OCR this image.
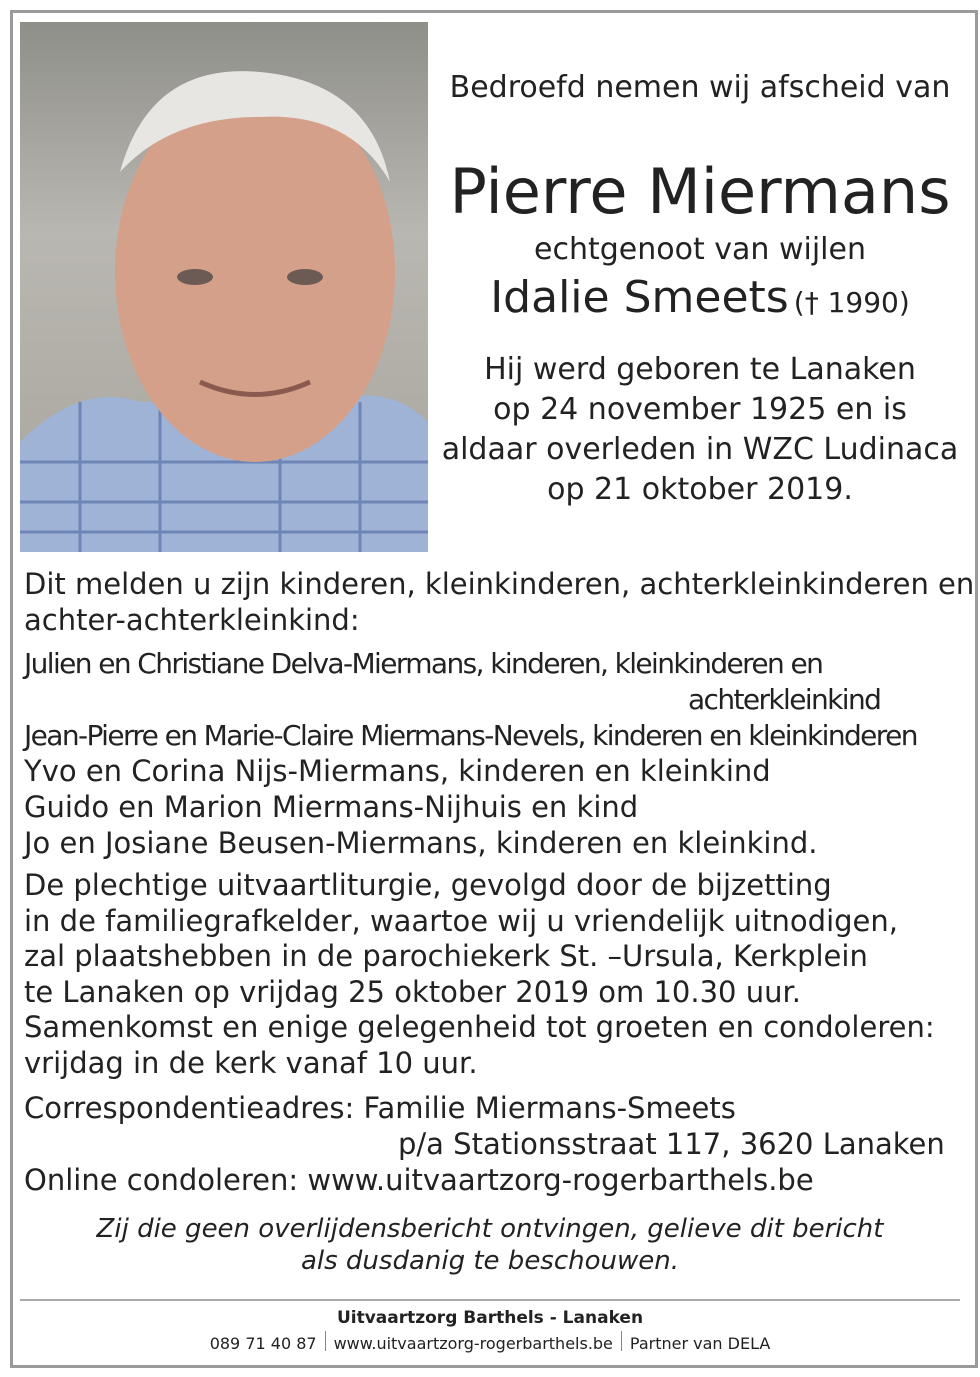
Bedroefd nemen wij afscheid van
Pierre Miermans
echtgenoot van wijlen
Idalie Smeets († 1990)
Hij werd geboren te Lanaken
op 24 november 1925 en is
aldaar overleden in WZC Ludinaca
op 21 oktober 2019.
Dit melden u zijn kinderen, kleinkinderen, achterkleinkinderen en
achter-achterkleinkind:
Julien en Christiane Delva-Miermans, kinderen, kleinkinderen en
achterkleinkind
Jean-Pierre en Marie-Claire Miermans-Nevels, kinderen en kleinkinderen
Yvo en Corina Nijs-Miermans, kinderen en kleinkind
Guido en Marion Miermans-Nijhuis en kind
Jo en Josiane Beusen-Miermans, kinderen en kleinkind.
De plechtige uitvaartliturgie, gevolgd door de bijzetting
in de familiegrafkelder, waartoe wij u vriendelijk uitnodigen,
zal plaatshebben in de parochiekerk St. –Ursula, Kerkplein
te Lanaken op vrijdag 25 oktober 2019 om 10.30 uur.
Samenkomst en enige gelegenheid tot groeten en condoleren:
vrijdag in de kerk vanaf 10 uur.
Correspondentieadres: Familie Miermans-Smeets
p/a Stationsstraat 117, 3620 Lanaken
Online condoleren: www.uitvaartzorg-rogerbarthels.be
Zij die geen overlijdensbericht ontvingen, gelieve dit bericht
als dusdanig te beschouwen.
Uitvaartzorg Barthels - Lanaken
089 71 40 87 www.uitvaartzorg-rogerbarthels.be Partner van DELA
